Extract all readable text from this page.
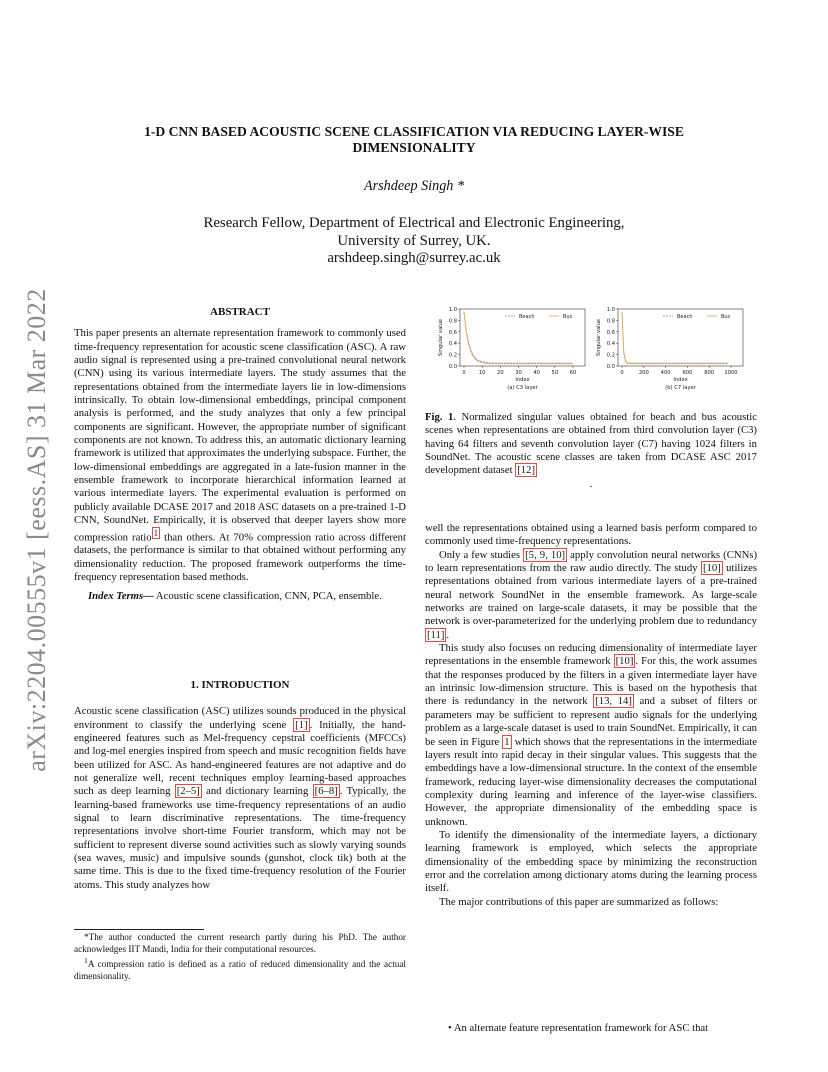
arXiv:2204.00555v1 [eess.AS] 31 Mar 2022
1-D CNN BASED ACOUSTIC SCENE CLASSIFICATION VIA REDUCING LAYER-WISE
DIMENSIONALITY
Arshdeep Singh *
Research Fellow, Department of Electrical and Electronic Engineering,
University of Surrey, UK.
arshdeep.singh@surrey.ac.uk
ABSTRACT

This paper presents an alternate representation framework to commonly used time-frequency representation for acoustic scene classification (ASC). A raw audio signal is represented using a pre-trained convolutional neural network (CNN) using its various intermediate layers. The study assumes that the representations obtained from the intermediate layers lie in low-dimensions intrinsically. To obtain low-dimensional embeddings, principal component analysis is performed, and the study analyzes that only a few principal components are significant. However, the appropriate number of significant components are not known. To address this, an automatic dictionary learning framework is utilized that approximates the underlying subspace. Further, the low-dimensional embeddings are aggregated in a late-fusion manner in the ensemble framework to incorporate hierarchical information learned at various intermediate layers. The experimental evaluation is performed on publicly available DCASE 2017 and 2018 ASC datasets on a pre-trained 1-D CNN, SoundNet. Empirically, it is observed that deeper layers show more compression ratio $^1$ than others. At 70% compression ratio across different datasets, the performance is similar to that obtained without performing any dimensionality reduction. The proposed framework outperforms the time-frequency representation based methods.

Index Terms— Acoustic scene classification, CNN, PCA, ensemble.

1. INTRODUCTION

Acoustic scene classification (ASC) utilizes sounds produced in the physical environment to classify the underlying scene [1] . Initially, the hand-engineered features such as Mel-frequency cepstral coefficients (MFCCs) and log-mel energies inspired from speech and music recognition fields have been utilized for ASC. As hand-engineered features are not adaptive and do not generalize well, recent techniques employ learning-based approaches such as deep learning [2–5] and dictionary learning [6–8] . Typically, the learning-based frameworks use time-frequency representations of an audio signal to learn discriminative representations. The time-frequency representations involve short-time Fourier transform, which may not be sufficient to represent diverse sound activities such as slowly varying sounds (sea waves, music) and impulsive sounds (gunshot, clock tik) both at the same time. This is due to the fixed time-frequency resolution of the Fourier atoms. This study analyzes how

*The author conducted the current research partly during his PhD. The author acknowledges IIT Mandi, India for their computational resources.

$^1$A compression ratio is defined as a ratio of reduced dimensionality and the actual dimensionality.

0.0
0.2
0.4
0.6
0.8
1.0
0	10 20 30 40 50 60
Index
Singular value
(a) C3 layer
Beach	Bus
0.0
0.2
0.4
0.6
0.8
1.0
0	200 400 600 800 1000
Index
Singular value
(b) C7 layer
Beach	Bus
Fig. 1. Normalized singular values obtained for beach and bus acoustic scenes when representations are obtained from third convolution layer (C3) having 64 filters and seventh convolution layer (C7) having 1024 filters in SoundNet. The acoustic scene classes are taken from DCASE ASC 2017 development dataset [12]
.

well the representations obtained using a learned basis perform compared to commonly used time-frequency representations.

Only a few studies [5, 9, 10] apply convolution neural networks (CNNs) to learn representations from the raw audio directly. The study [10] utilizes representations obtained from various intermediate layers of a pre-trained neural network SoundNet in the ensemble framework. As large-scale networks are trained on large-scale datasets, it may be possible that the network is over-parameterized for the underlying problem due to redundancy [11] .

This study also focuses on reducing dimensionality of intermediate layer representations in the ensemble framework [10] . For this, the work assumes that the responses produced by the filters in a given intermediate layer have an intrinsic low-dimension structure. This is based on the hypothesis that there is redundancy in the network [13, 14] and a subset of filters or parameters may be sufficient to represent audio signals for the underlying problem as a large-scale dataset is used to train SoundNet. Empirically, it can be seen in Figure 1 which shows that the representations in the intermediate layers result into rapid decay in their singular values. This suggests that the embeddings have a low-dimensional structure. In the context of the ensemble framework, reducing layer-wise dimensionality decreases the computational complexity during learning and inference of the layer-wise classifiers. However, the appropriate dimensionality of the embedding space is unknown.

To identify the dimensionality of the intermediate layers, a dictionary learning framework is employed, which selects the appropriate dimensionality of the embedding space by minimizing the reconstruction error and the correlation among dictionary atoms during the learning process itself.

The major contributions of this paper are summarized as follows:

• An alternate feature representation framework for ASC that
